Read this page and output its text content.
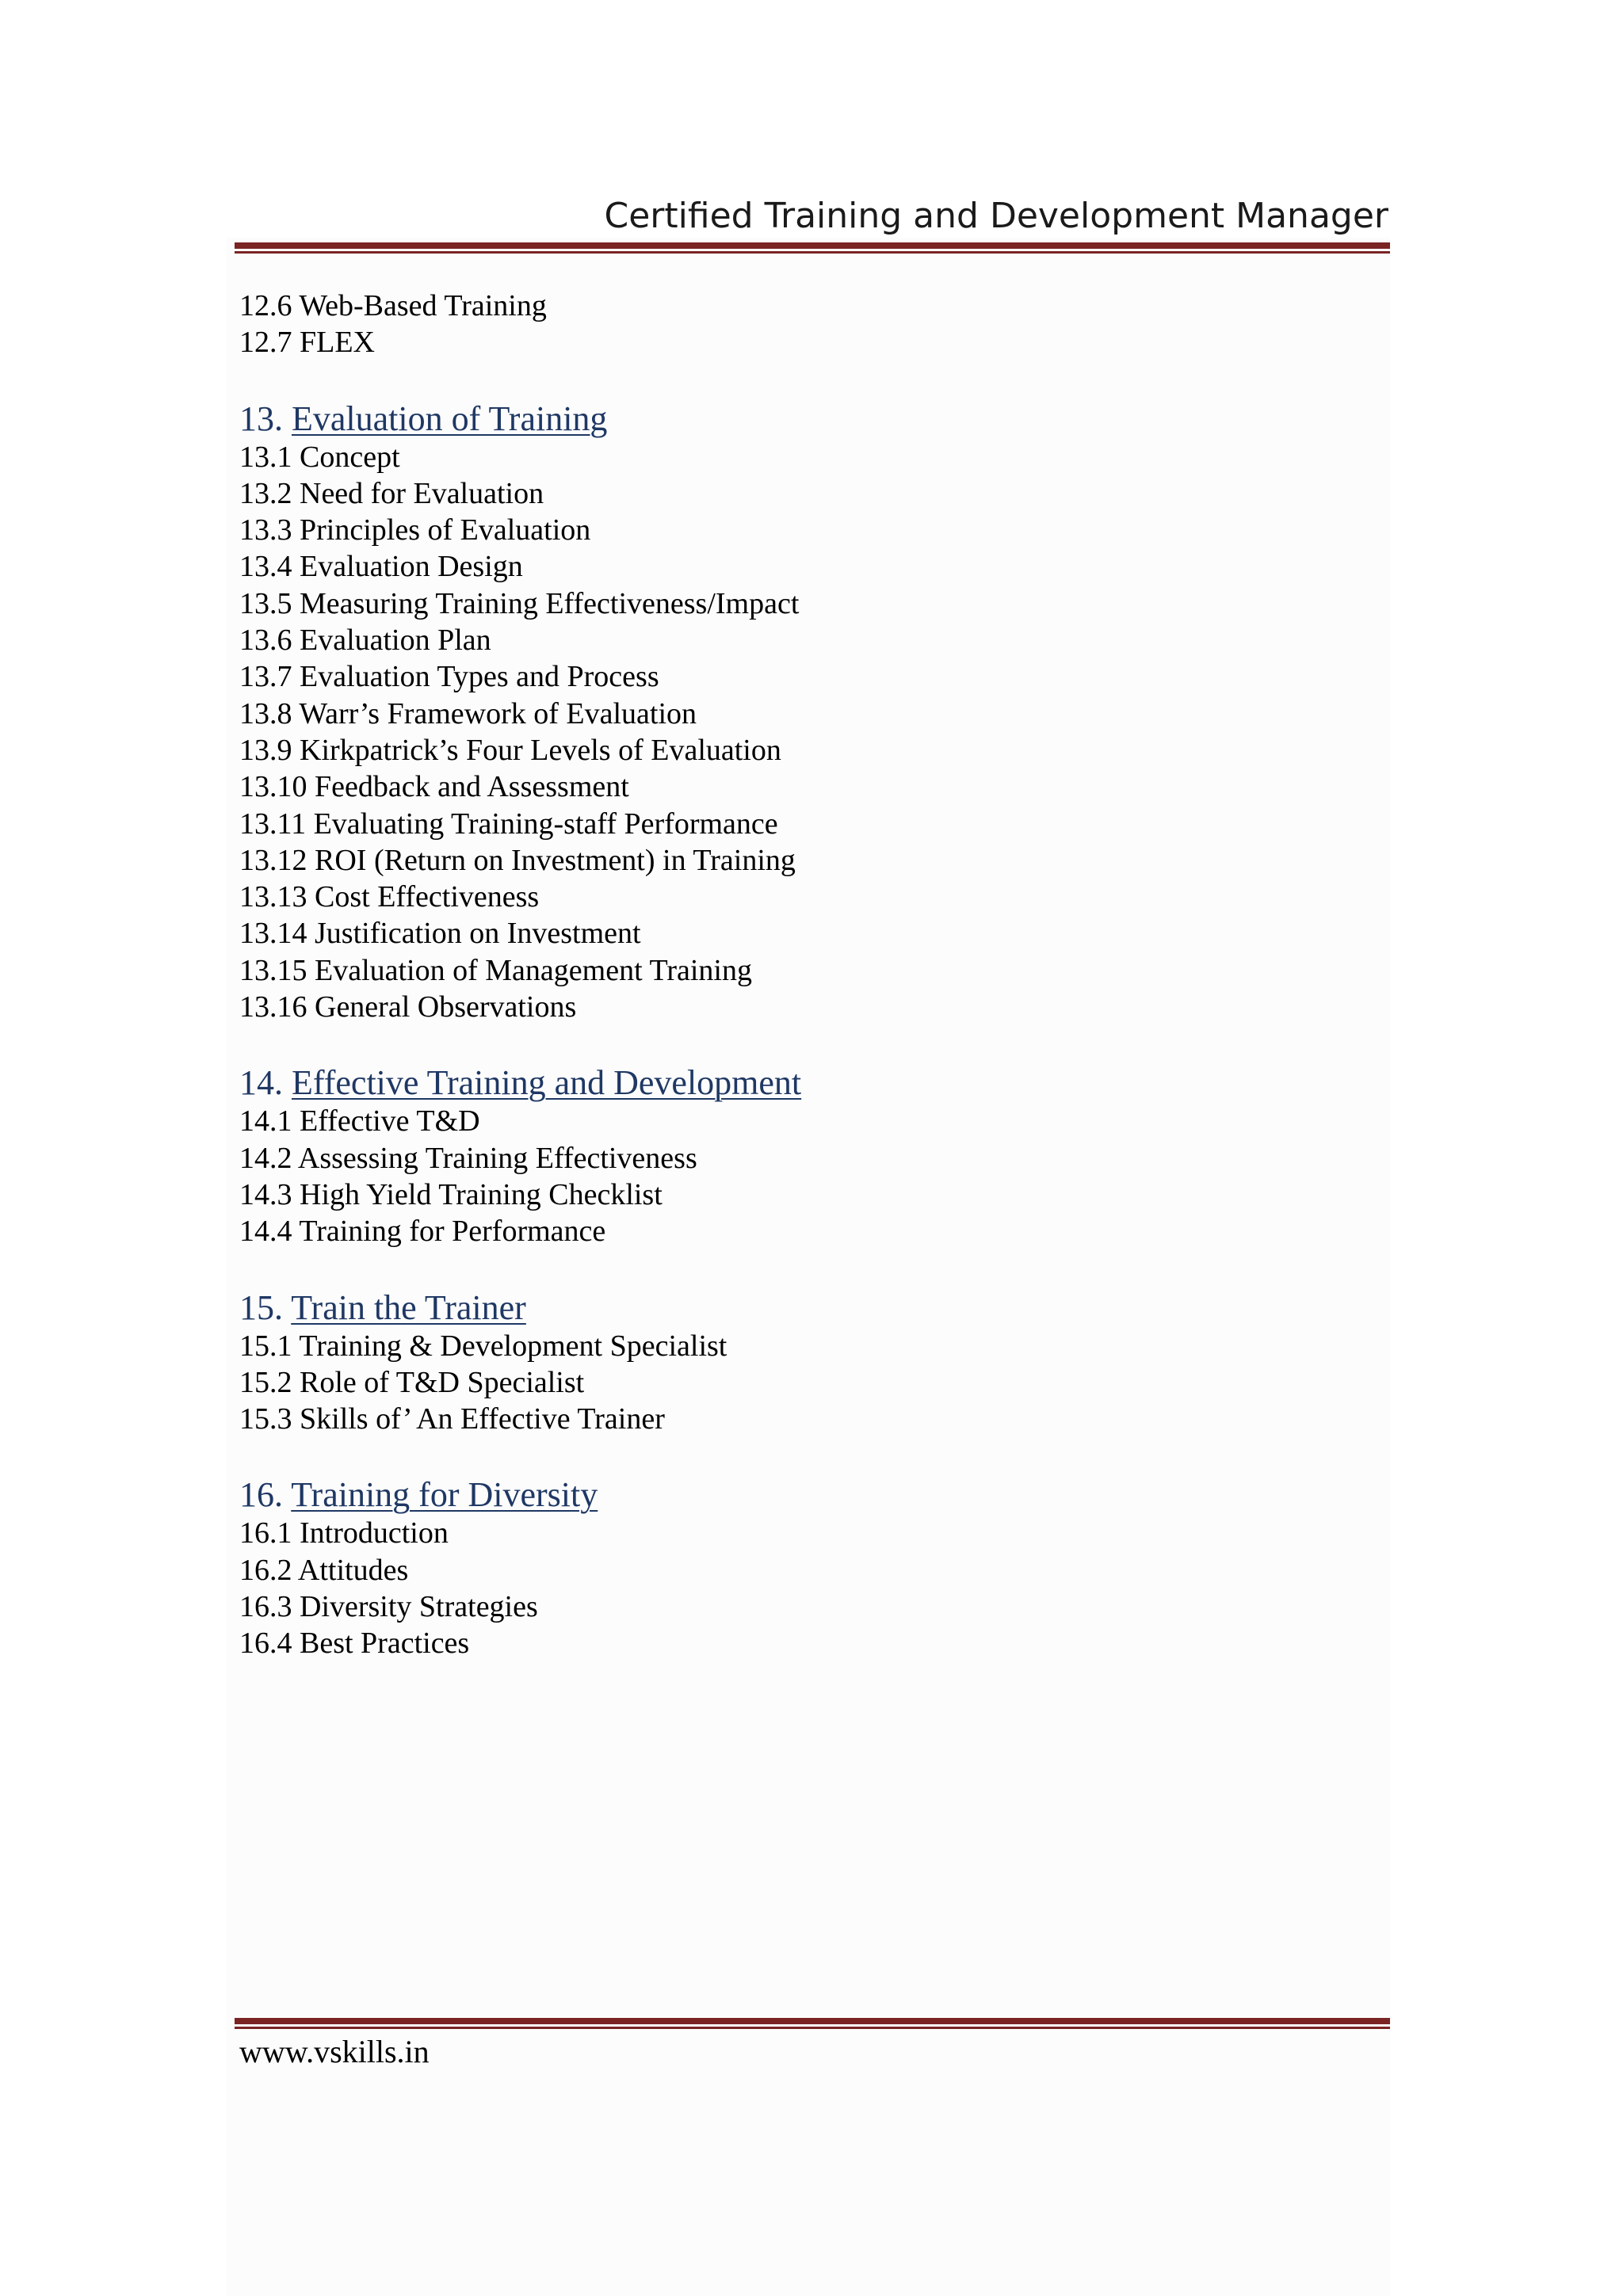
Certified Training and Development Manager
12.6 Web-Based Training
12.7 FLEX
13. Evaluation of Training
13.1 Concept
13.2 Need for Evaluation
13.3 Principles of Evaluation
13.4 Evaluation Design
13.5 Measuring Training Effectiveness/Impact
13.6 Evaluation Plan
13.7 Evaluation Types and Process
13.8 Warr’s Framework of Evaluation
13.9 Kirkpatrick’s Four Levels of Evaluation
13.10 Feedback and Assessment
13.11 Evaluating Training-staff Performance
13.12 ROI (Return on Investment) in Training
13.13 Cost Effectiveness
13.14 Justification on Investment
13.15 Evaluation of Management Training
13.16 General Observations
14. Effective Training and Development
14.1 Effective T&D
14.2 Assessing Training Effectiveness
14.3 High Yield Training Checklist
14.4 Training for Performance
15. Train the Trainer
15.1 Training & Development Specialist
15.2 Role of T&D Specialist
15.3 Skills of’ An Effective Trainer
16. Training for Diversity
16.1 Introduction
16.2 Attitudes
16.3 Diversity Strategies
16.4 Best Practices
www.vskills.in
